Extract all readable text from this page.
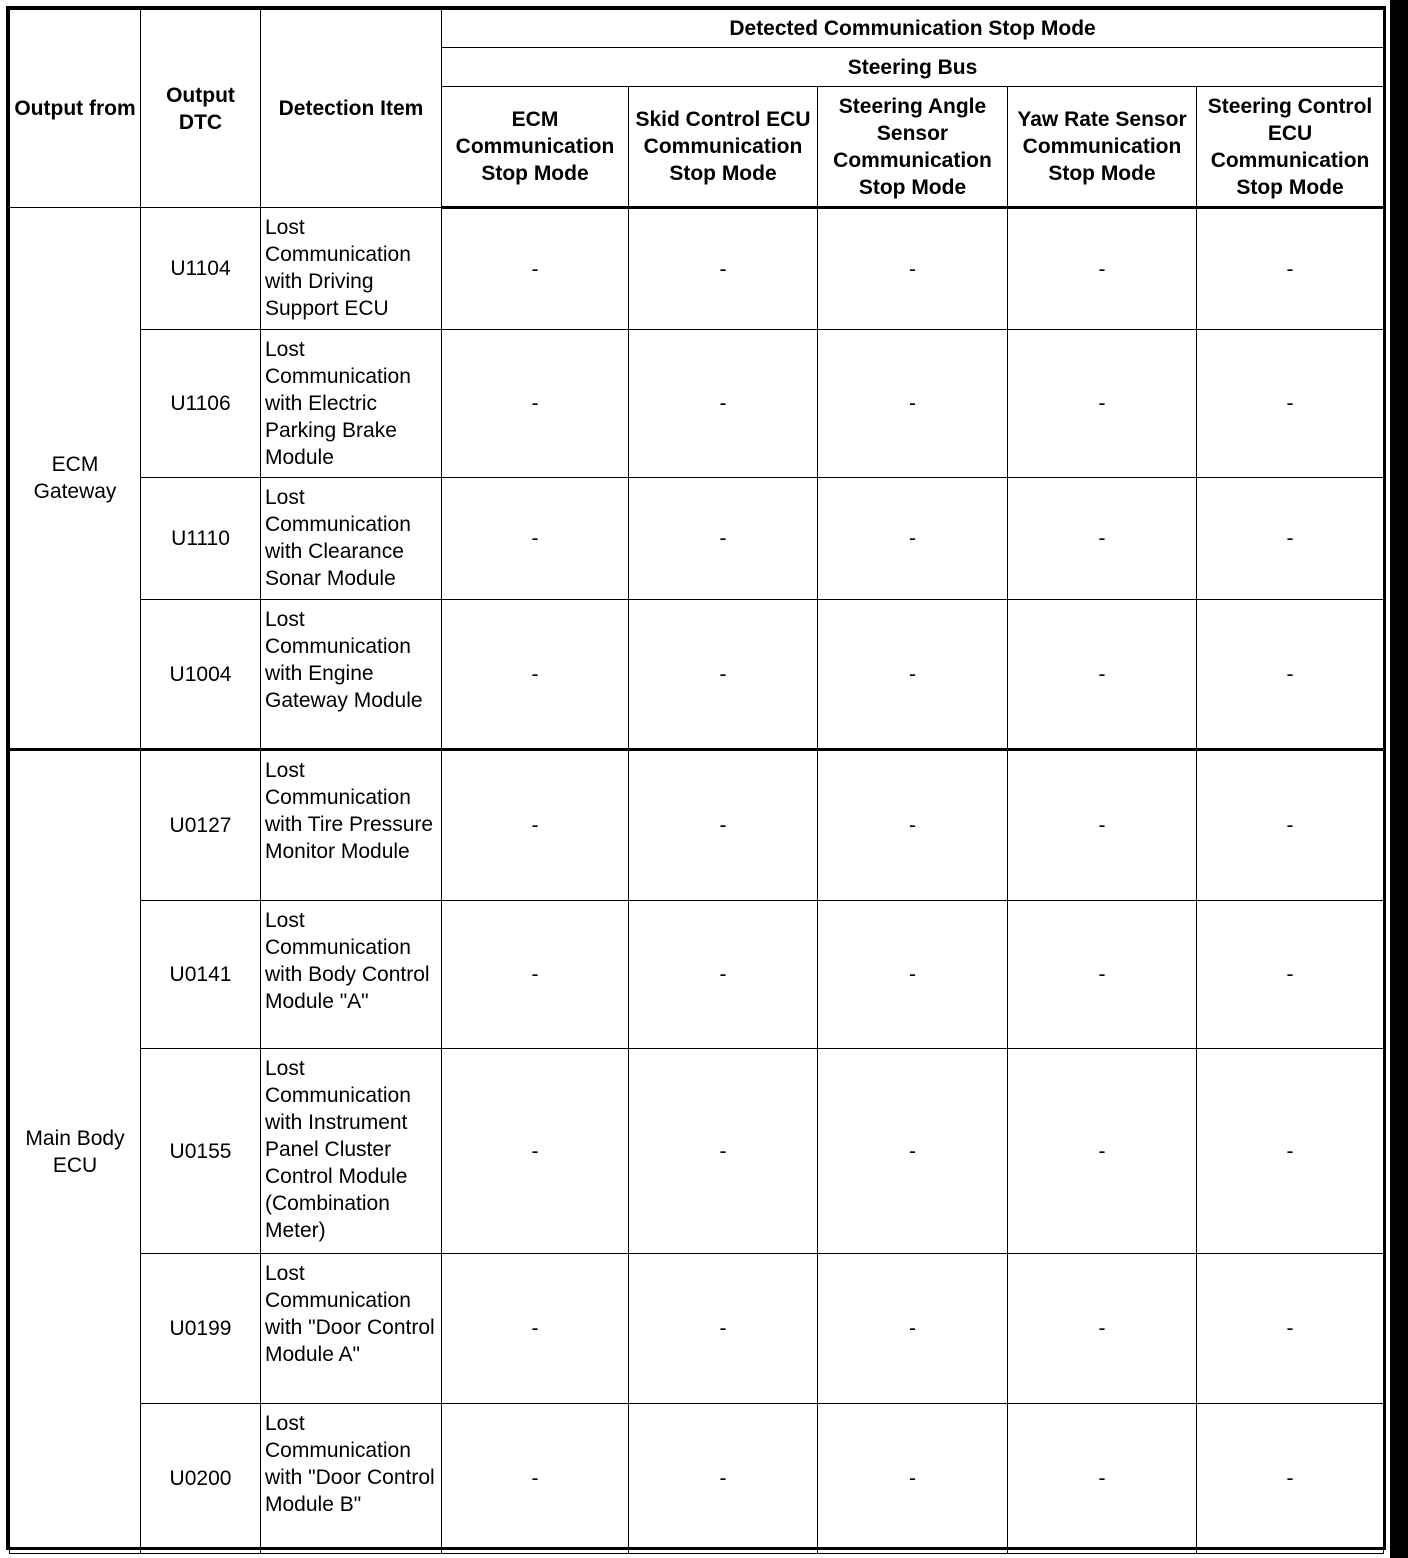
Output from	Output DTC	Detection Item	Detected Communication Stop Mode				
			Steering Bus				
			ECM Communication Stop Mode	Skid Control ECU Communication Stop Mode	Steering Angle Sensor Communication Stop Mode	Yaw Rate Sensor Communication Stop Mode	Steering Control ECU Communication Stop Mode
ECM Gateway	U1104	Lost Communication with Driving Support ECU	-	-	-	-	-
	U1106	Lost Communication with Electric Parking Brake Module	-	-	-	-	-
	U1110	Lost Communication with Clearance Sonar Module	-	-	-	-	-
	U1004	Lost Communication with Engine Gateway Module	-	-	-	-	-
Main Body ECU	U0127	Lost Communication with Tire Pressure Monitor Module	-	-	-	-	-
	U0141	Lost Communication with Body Control Module "A"	-	-	-	-	-
	U0155	Lost Communication with Instrument Panel Cluster Control Module (Combination Meter)	-	-	-	-	-
	U0199	Lost Communication with "Door Control Module A"	-	-	-	-	-
	U0200	Lost Communication with "Door Control Module B"	-	-	-	-	-
